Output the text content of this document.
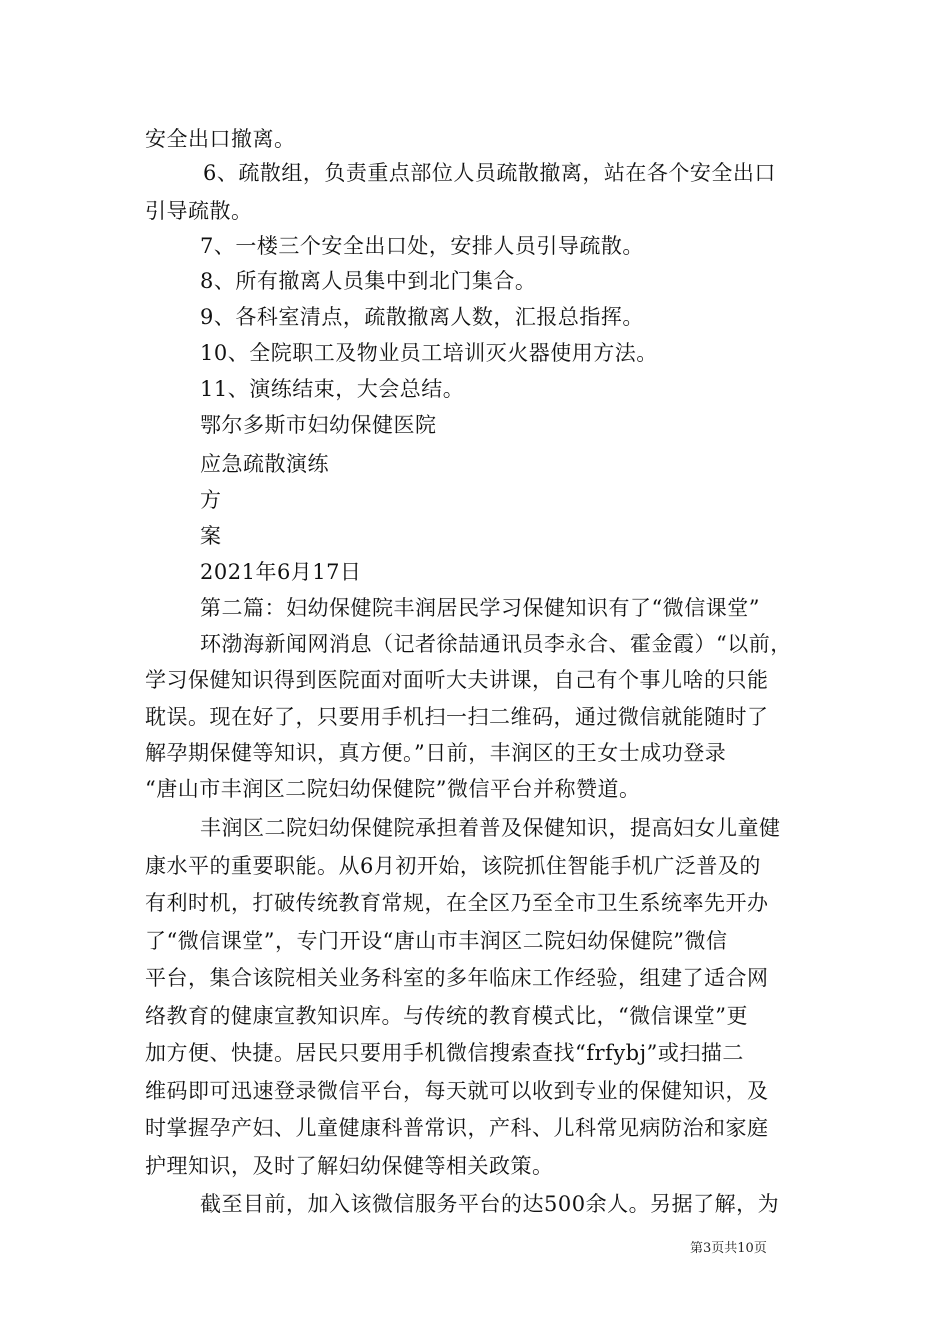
安全出口撤离。
6、疏散组，负责重点部位人员疏散撤离，站在各个安全出口
引导疏散。
7、一楼三个安全出口处，安排人员引导疏散。
8、所有撤离人员集中到北门集合。
9、各科室清点，疏散撤离人数，汇报总指挥。
10、全院职工及物业员工培训灭火器使用方法。
11、演练结束，大会总结。
鄂尔多斯市妇幼保健医院
应急疏散演练
方
案
2021年6月17日
第二篇：妇幼保健院丰润居民学习保健知识有了“微信课堂”
环渤海新闻网消息（记者徐喆通讯员李永合、霍金霞）“以前，
学习保健知识得到医院面对面听大夫讲课，自己有个事儿啥的只能
耽误。现在好了，只要用手机扫一扫二维码，通过微信就能随时了
解孕期保健等知识，真方便。”日前，丰润区的王女士成功登录
“唐山市丰润区二院妇幼保健院”微信平台并称赞道。
丰润区二院妇幼保健院承担着普及保健知识，提高妇女儿童健
康水平的重要职能。从6月初开始，该院抓住智能手机广泛普及的
有利时机，打破传统教育常规，在全区乃至全市卫生系统率先开办
了“微信课堂”，专门开设“唐山市丰润区二院妇幼保健院”微信
平台，集合该院相关业务科室的多年临床工作经验，组建了适合网
络教育的健康宣教知识库。与传统的教育模式比，“微信课堂”更
加方便、快捷。居民只要用手机微信搜索查找“frfybj”或扫描二
维码即可迅速登录微信平台，每天就可以收到专业的保健知识，及
时掌握孕产妇、儿童健康科普常识，产科、儿科常见病防治和家庭
护理知识，及时了解妇幼保健等相关政策。
截至目前，加入该微信服务平台的达500余人。另据了解，为
第3页共10页
